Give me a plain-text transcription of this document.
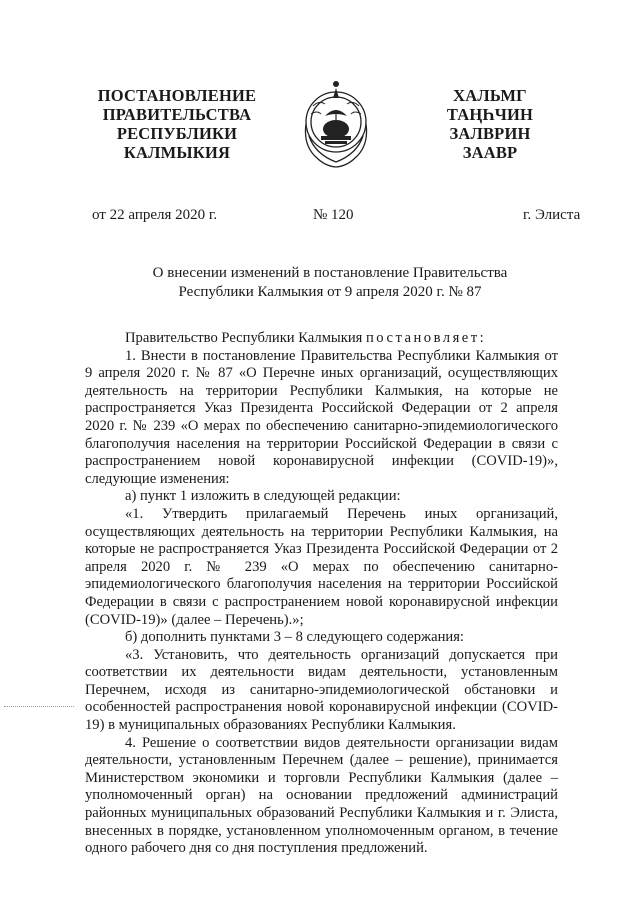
ПОСТАНОВЛЕНИЕ
ПРАВИТЕЛЬСТВА
РЕСПУБЛИКИ
КАЛМЫКИЯ
ХАЛЬМГ
ТАҢҺЧИН
ЗАЛВРИН
ЗААВР
от 22 апреля 2020 г.	№ 120	г. Элиста
О внесении изменений в постановление Правительства
Республики Калмыкия от 9 апреля 2020 г. № 87

Правительство Республики Калмыкия постановляет:

1. Внести в постановление Правительства Республики Калмыкия от 9 апреля 2020 г. № 87 «О Перечне иных организаций, осуществляющих деятельность на территории Республики Калмыкия, на которые не распространяется Указ Президента Российской Федерации от 2 апреля 2020 г. № 239 «О мерах по обеспечению санитарно-эпидемиологического благополучия населения на территории Российской Федерации в связи с распространением новой коронавирусной инфекции (COVID-19)», следующие изменения:

а) пункт 1 изложить в следующей редакции:

«1. Утвердить прилагаемый Перечень иных организаций, осуществляющих деятельность на территории Республики Калмыкия, на которые не распространяется Указ Президента Российской Федерации от 2 апреля 2020 г. № 239 «О мерах по обеспечению санитарно-эпидемиологического благополучия населения на территории Российской Федерации в связи с распространением новой коронавирусной инфекции (COVID-19)» (далее – Перечень).»;

б) дополнить пунктами 3 – 8 следующего содержания:

«3. Установить, что деятельность организаций допускается при соответствии их деятельности видам деятельности, установленным Перечнем, исходя из санитарно-эпидемиологической обстановки и особенностей распространения новой коронавирусной инфекции (COVID-19) в муниципальных образованиях Республики Калмыкия.

4. Решение о соответствии видов деятельности организации видам деятельности, установленным Перечнем (далее – решение), принимается Министерством экономики и торговли Республики Калмыкия (далее – уполномоченный орган) на основании предложений администраций районных муниципальных образований Республики Калмыкия и г. Элиста, внесенных в порядке, установленном уполномоченным органом, в течение одного рабочего дня со дня поступления предложений.
